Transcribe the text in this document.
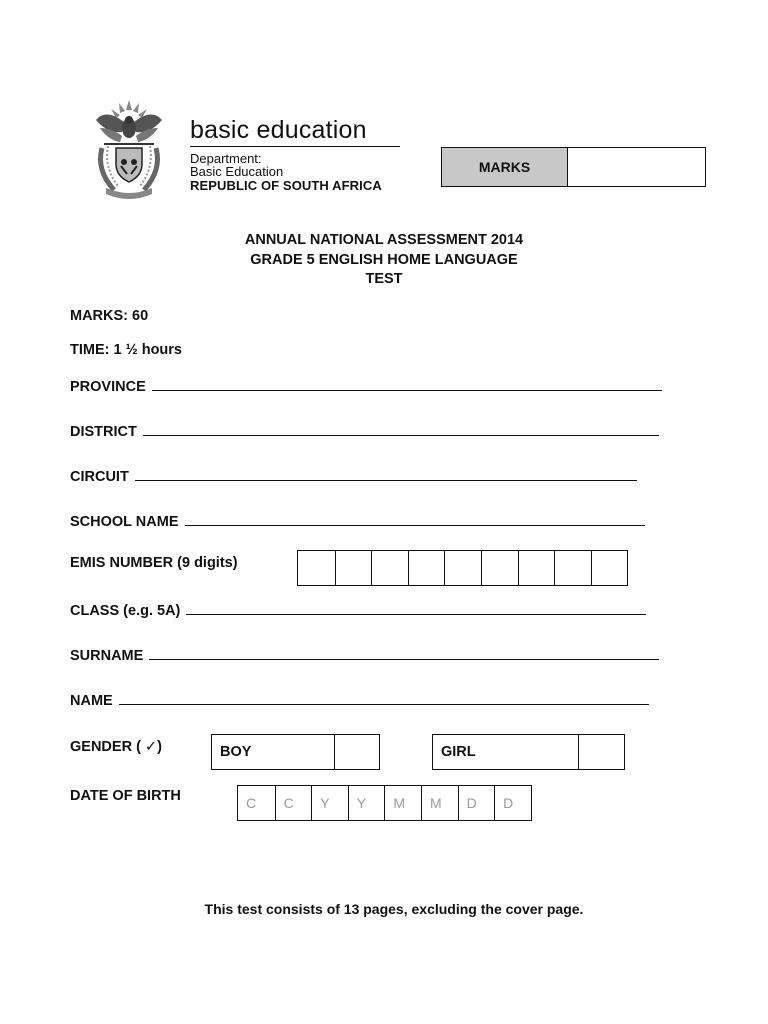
basic education
Department:
Basic Education
REPUBLIC OF SOUTH AFRICA
MARKS
ANNUAL NATIONAL ASSESSMENT 2014
GRADE 5 ENGLISH HOME LANGUAGE
TEST
MARKS: 60
TIME: 1 ½ hours
PROVINCE
DISTRICT
CIRCUIT
SCHOOL NAME
EMIS NUMBER (9 digits)
CLASS (e.g. 5A)
SURNAME
NAME
GENDER ( ✓)	BOY	GIRL
DATE OF BIRTH	C	C	Y	Y	M	M	D	D
This test consists of 13 pages, excluding the cover page.
